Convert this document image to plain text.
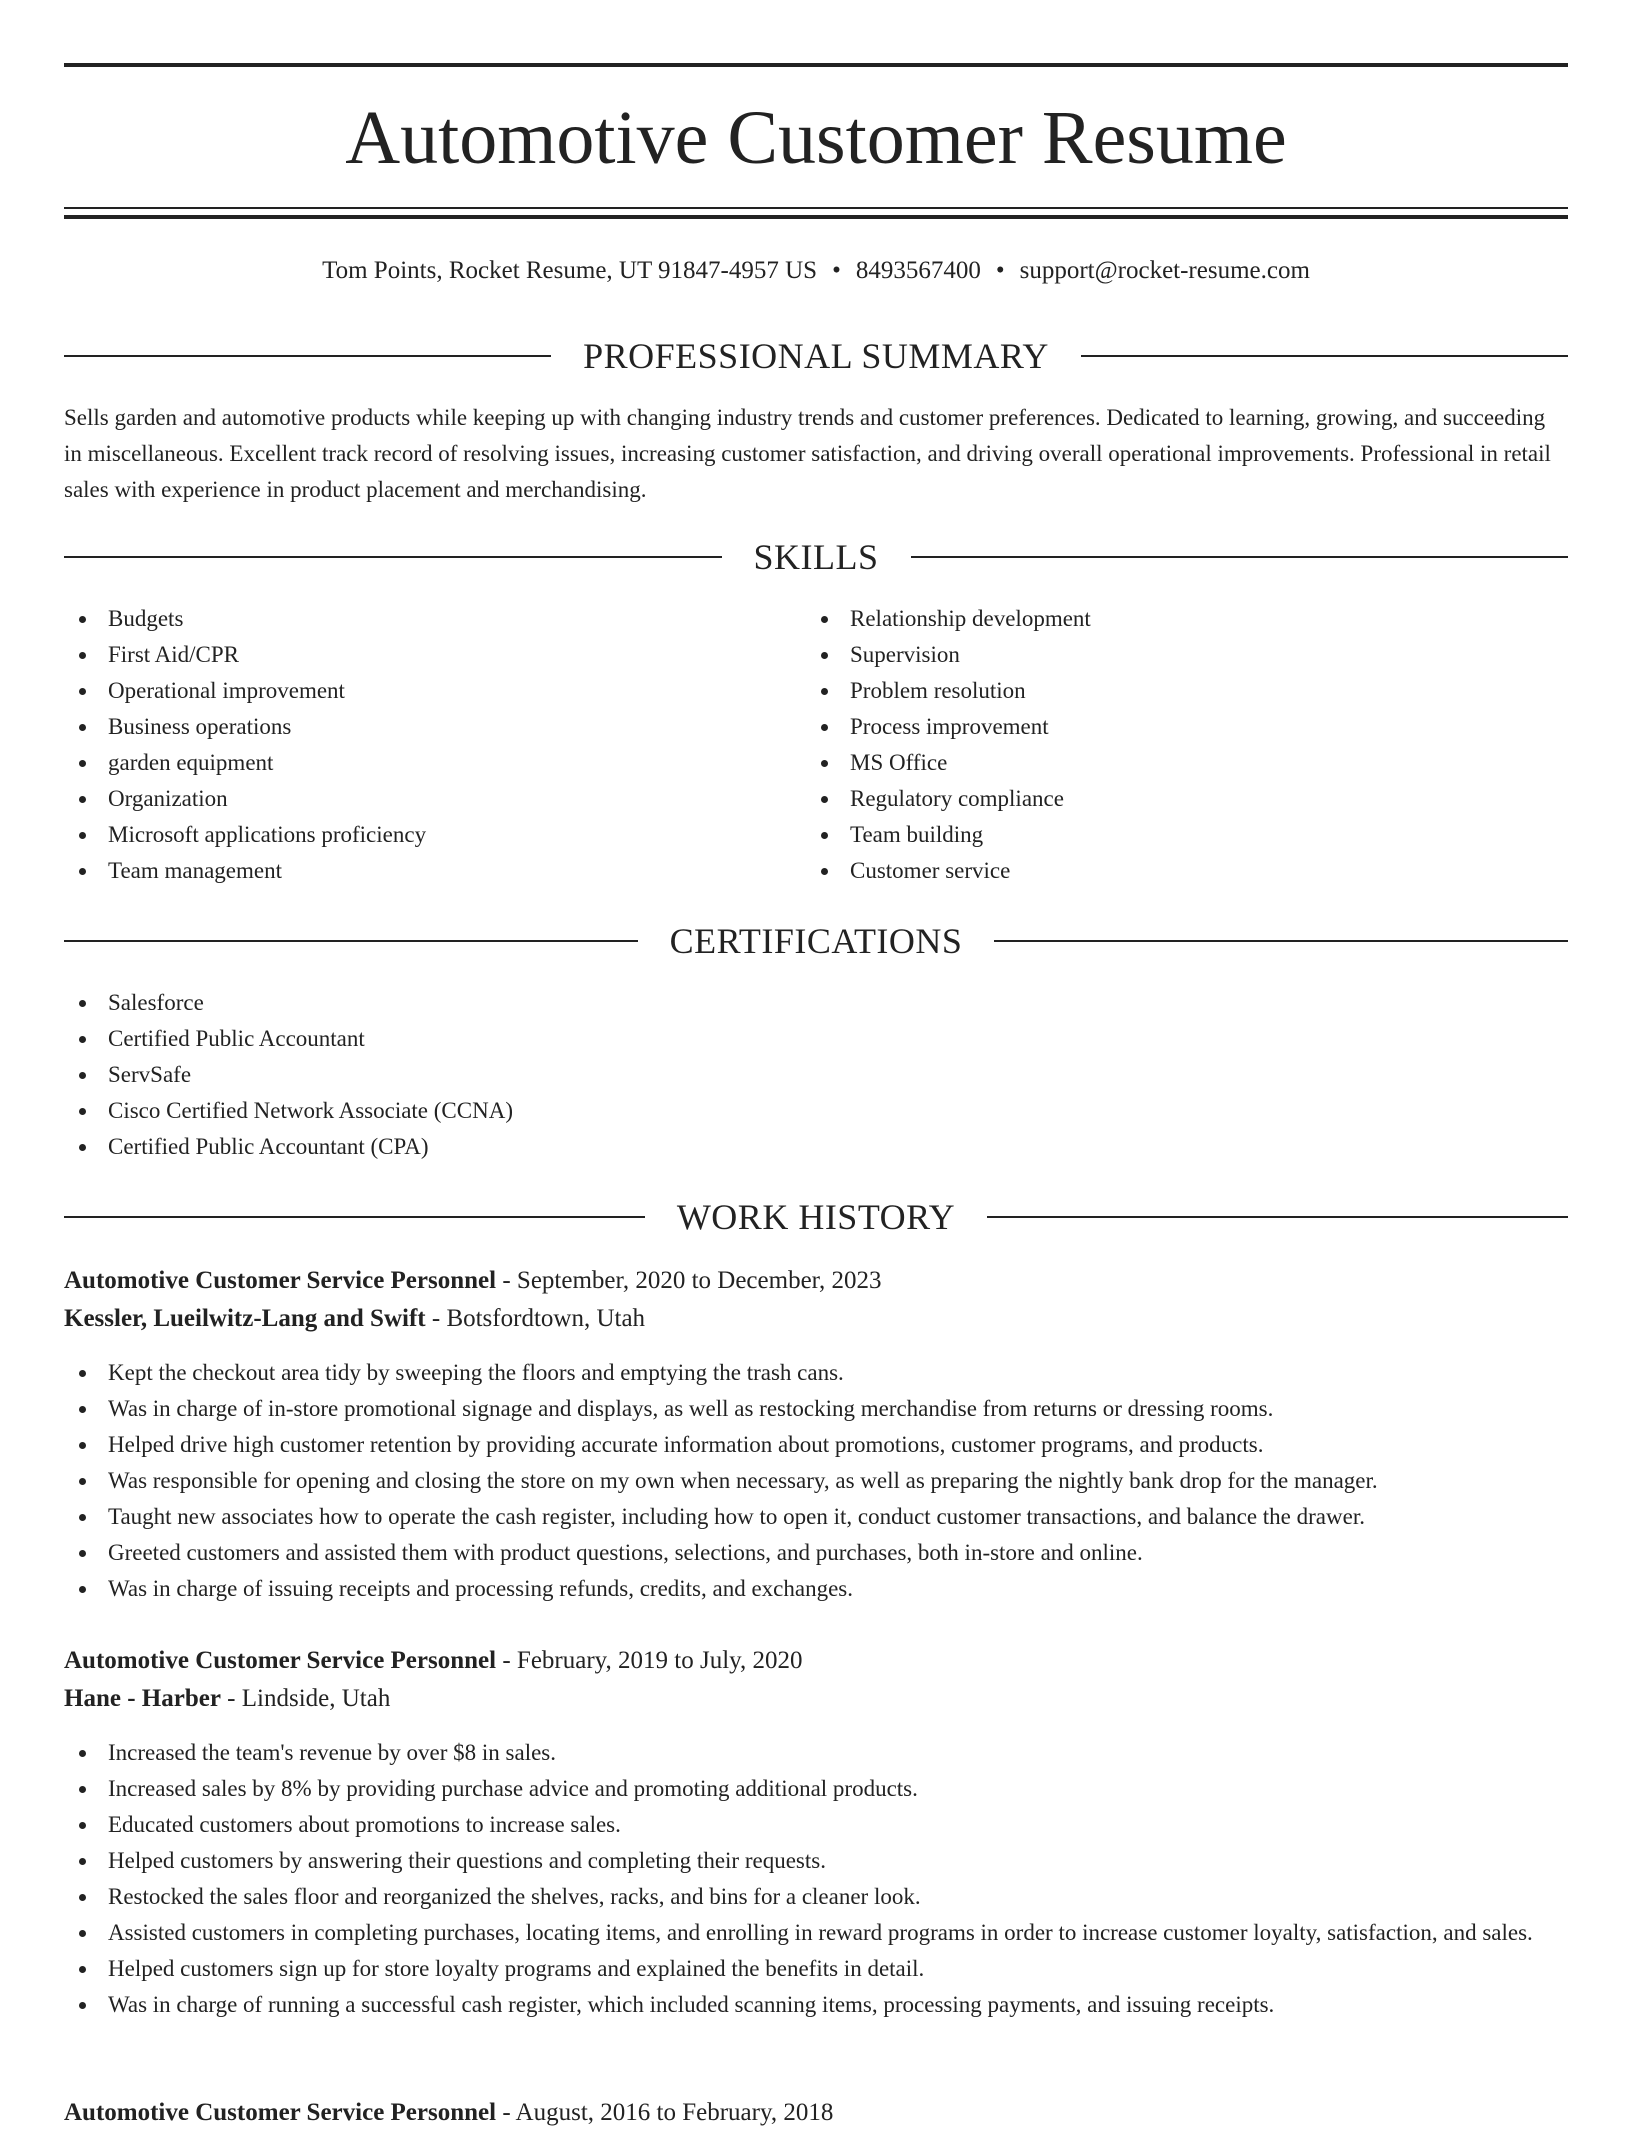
Automotive Customer Resume
Tom Points, Rocket Resume, UT 91847-4957 US • 8493567400 • support@rocket-resume.com
PROFESSIONAL SUMMARY

Sells garden and automotive products while keeping up with changing industry trends and customer preferences. Dedicated to learning, growing, and succeeding in miscellaneous. Excellent track record of resolving issues, increasing customer satisfaction, and driving overall operational improvements. Professional in retail sales with experience in product placement and merchandising.

SKILLS
Budgets
First Aid/CPR
Operational improvement
Business operations
garden equipment
Organization
Microsoft applications proficiency
Team management
Relationship development
Supervision
Problem resolution
Process improvement
MS Office
Regulatory compliance
Team building
Customer service
CERTIFICATIONS
Salesforce
Certified Public Accountant
ServSafe
Cisco Certified Network Associate (CCNA)
Certified Public Accountant (CPA)
WORK HISTORY
Automotive Customer Service Personnel - September, 2020 to December, 2023
Kessler, Lueilwitz-Lang and Swift - Botsfordtown, Utah
Kept the checkout area tidy by sweeping the floors and emptying the trash cans.
Was in charge of in-store promotional signage and displays, as well as restocking merchandise from returns or dressing rooms.
Helped drive high customer retention by providing accurate information about promotions, customer programs, and products.
Was responsible for opening and closing the store on my own when necessary, as well as preparing the nightly bank drop for the manager.
Taught new associates how to operate the cash register, including how to open it, conduct customer transactions, and balance the drawer.
Greeted customers and assisted them with product questions, selections, and purchases, both in-store and online.
Was in charge of issuing receipts and processing refunds, credits, and exchanges.
Automotive Customer Service Personnel - February, 2019 to July, 2020
Hane - Harber - Lindside, Utah
Increased the team's revenue by over $8 in sales.
Increased sales by 8% by providing purchase advice and promoting additional products.
Educated customers about promotions to increase sales.
Helped customers by answering their questions and completing their requests.
Restocked the sales floor and reorganized the shelves, racks, and bins for a cleaner look.
Assisted customers in completing purchases, locating items, and enrolling in reward programs in order to increase customer loyalty, satisfaction, and sales.
Helped customers sign up for store loyalty programs and explained the benefits in detail.
Was in charge of running a successful cash register, which included scanning items, processing payments, and issuing receipts.
Automotive Customer Service Personnel - August, 2016 to February, 2018
